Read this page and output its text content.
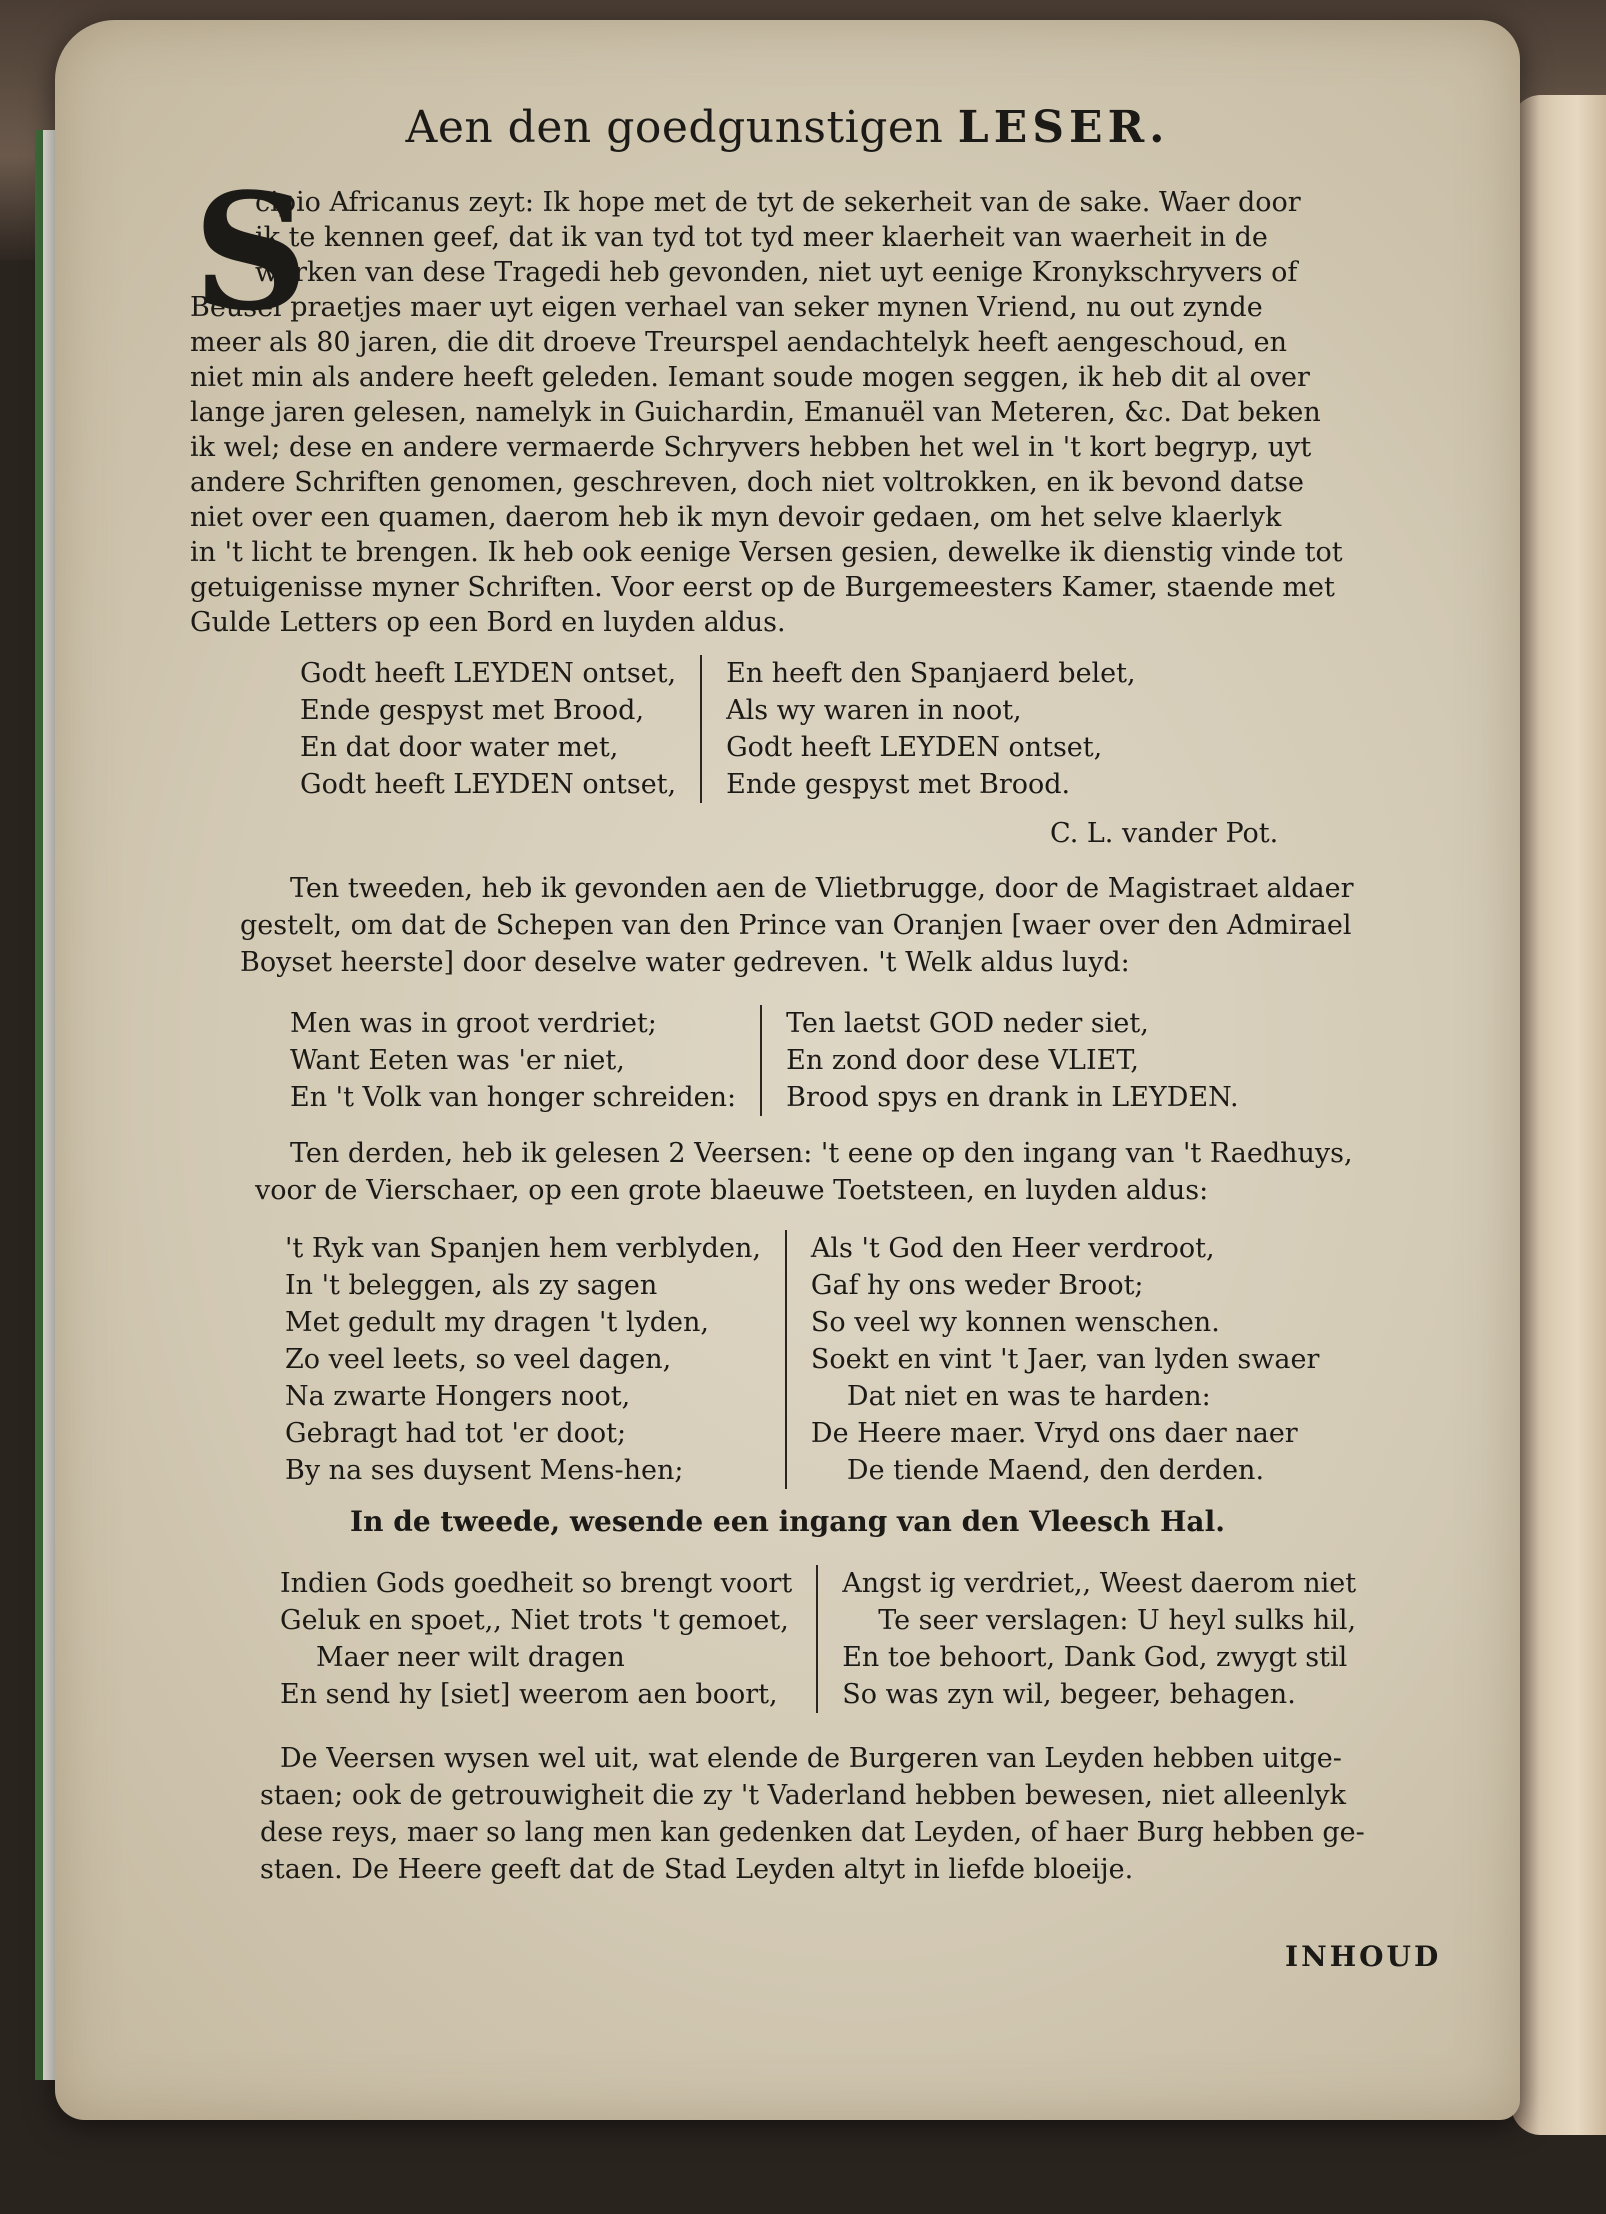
Aen den goedgunstigen LESER.
S
cipio Africanus zeyt: Ik hope met de tyt de sekerheit van de sake. Waer door
ik te kennen geef, dat ik van tyd tot tyd meer klaerheit van waerheit in de
werken van dese Tragedi heb gevonden, niet uyt eenige Kronykschryvers of
Beusel praetjes maer uyt eigen verhael van seker mynen Vriend, nu out zynde
meer als 80 jaren, die dit droeve Treurspel aendachtelyk heeft aengeschoud, en
niet min als andere heeft geleden. Iemant soude mogen seggen, ik heb dit al over
lange jaren gelesen, namelyk in Guichardin, Emanuël van Meteren, &c. Dat beken
ik wel; dese en andere vermaerde Schryvers hebben het wel in 't kort begryp, uyt
andere Schriften genomen, geschreven, doch niet voltrokken, en ik bevond datse
niet over een quamen, daerom heb ik myn devoir gedaen, om het selve klaerlyk
in 't licht te brengen. Ik heb ook eenige Versen gesien, dewelke ik dienstig vinde tot
getuigenisse myner Schriften. Voor eerst op de Burgemeesters Kamer, staende met
Gulde Letters op een Bord en luyden aldus.
Godt heeft LEYDEN ontset,
Ende gespyst met Brood,
En dat door water met,
Godt heeft LEYDEN ontset,
En heeft den Spanjaerd belet,
Als wy waren in noot,
Godt heeft LEYDEN ontset,
Ende gespyst met Brood.
C. L. vander Pot.
Ten tweeden, heb ik gevonden aen de Vlietbrugge, door de Magistraet aldaer
gestelt, om dat de Schepen van den Prince van Oranjen [waer over den Admirael
Boyset heerste] door deselve water gedreven. 't Welk aldus luyd:
Men was in groot verdriet;
Want Eeten was 'er niet,
En 't Volk van honger schreiden:
Ten laetst GOD neder siet,
En zond door dese VLIET,
Brood spys en drank in LEYDEN.
Ten derden, heb ik gelesen 2 Veersen: 't eene op den ingang van 't Raedhuys,
voor de Vierschaer, op een grote blaeuwe Toetsteen, en luyden aldus:
't Ryk van Spanjen hem verblyden,
In 't beleggen, als zy sagen
Met gedult my dragen 't lyden,
Zo veel leets, so veel dagen,
Na zwarte Hongers noot,
Gebragt had tot 'er doot;
By na ses duysent Mens-hen;
Als 't God den Heer verdroot,
Gaf hy ons weder Broot;
So veel wy konnen wenschen.
Soekt en vint 't Jaer, van lyden swaer
Dat niet en was te harden:
De Heere maer. Vryd ons daer naer
De tiende Maend, den derden.
In de tweede, wesende een ingang van den Vleesch Hal.
Indien Gods goedheit so brengt voort
Geluk en spoet,, Niet trots 't gemoet,
Maer neer wilt dragen
En send hy [siet] weerom aen boort,
Angst ig verdriet,, Weest daerom niet
Te seer verslagen: U heyl sulks hil,
En toe behoort, Dank God, zwygt stil
So was zyn wil, begeer, behagen.
De Veersen wysen wel uit, wat elende de Burgeren van Leyden hebben uitge-
staen; ook de getrouwigheit die zy 't Vaderland hebben bewesen, niet alleenlyk
dese reys, maer so lang men kan gedenken dat Leyden, of haer Burg hebben ge-
staen. De Heere geeft dat de Stad Leyden altyt in liefde bloeije.
INHOUD
